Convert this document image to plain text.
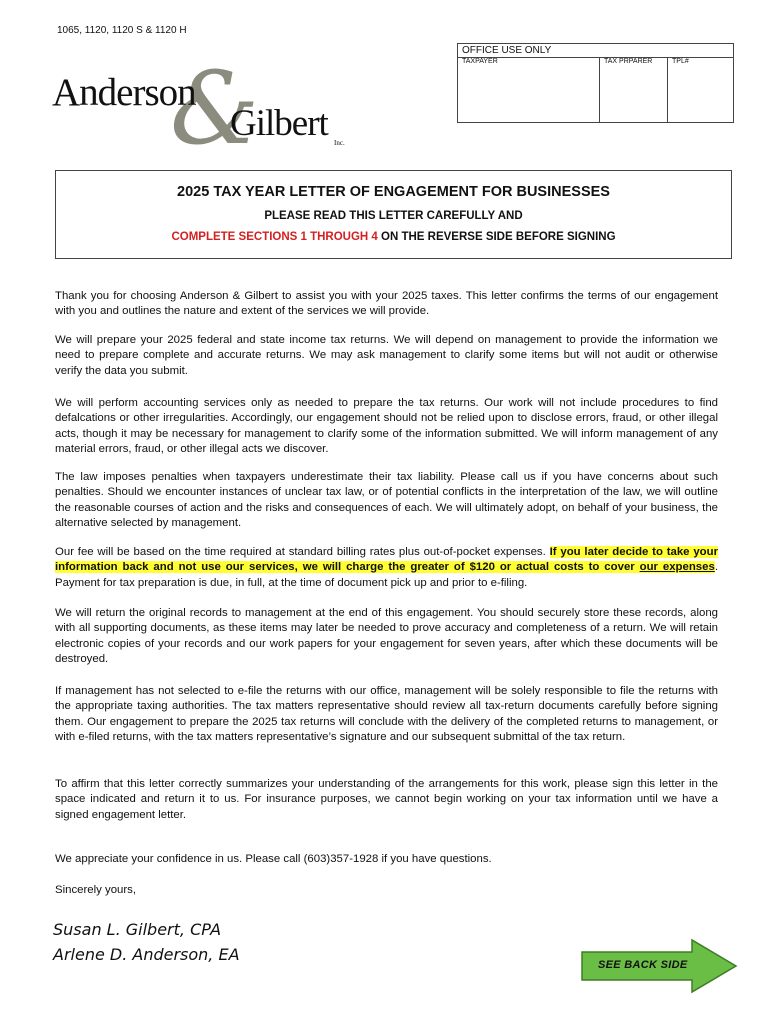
1065, 1120, 1120 S & 1120 H
OFFICE USE ONLY
TAXPAYER	TAX PRPARER	TPL#
&
Anderson
Gilbert Inc.
2025 TAX YEAR LETTER OF ENGAGEMENT FOR BUSINESSES
PLEASE READ THIS LETTER CAREFULLY AND
COMPLETE SECTIONS 1 THROUGH 4 ON THE REVERSE SIDE BEFORE SIGNING

Thank you for choosing Anderson & Gilbert to assist you with your 2025 taxes. This letter confirms the terms of our engagement with you and outlines the nature and extent of the services we will provide.

We will prepare your 2025 federal and state income tax returns. We will depend on management to provide the information we need to prepare complete and accurate returns. We may ask management to clarify some items but will not audit or otherwise verify the data you submit.

We will perform accounting services only as needed to prepare the tax returns. Our work will not include procedures to find defalcations or other irregularities. Accordingly, our engagement should not be relied upon to disclose errors, fraud, or other illegal acts, though it may be necessary for management to clarify some of the information submitted. We will inform management of any material errors, fraud, or other illegal acts we discover.

The law imposes penalties when taxpayers underestimate their tax liability. Please call us if you have concerns about such penalties. Should we encounter instances of unclear tax law, or of potential conflicts in the interpretation of the law, we will outline the reasonable courses of action and the risks and consequences of each. We will ultimately adopt, on behalf of your business, the alternative selected by management.

Our fee will be based on the time required at standard billing rates plus out-of-pocket expenses. If you later decide to take your information back and not use our services, we will charge the greater of $120 or actual costs to cover our expenses. Payment for tax preparation is due, in full, at the time of document pick up and prior to e-filing.

We will return the original records to management at the end of this engagement. You should securely store these records, along with all supporting documents, as these items may later be needed to prove accuracy and completeness of a return. We will retain electronic copies of your records and our work papers for your engagement for seven years, after which these documents will be destroyed.

If management has not selected to e-file the returns with our office, management will be solely responsible to file the returns with the appropriate taxing authorities. The tax matters representative should review all tax-return documents carefully before signing them. Our engagement to prepare the 2025 tax returns will conclude with the delivery of the completed returns to management, or with e-filed returns, with the tax matters representative’s signature and our subsequent submittal of the tax return.

To affirm that this letter correctly summarizes your understanding of the arrangements for this work, please sign this letter in the space indicated and return it to us. For insurance purposes, we cannot begin working on your tax information until we have a signed engagement letter.

We appreciate your confidence in us. Please call (603)357-1928 if you have questions.

Sincerely yours,

Susan L. Gilbert, CPA
Arlene D. Anderson, EA
SEE BACK SIDE
